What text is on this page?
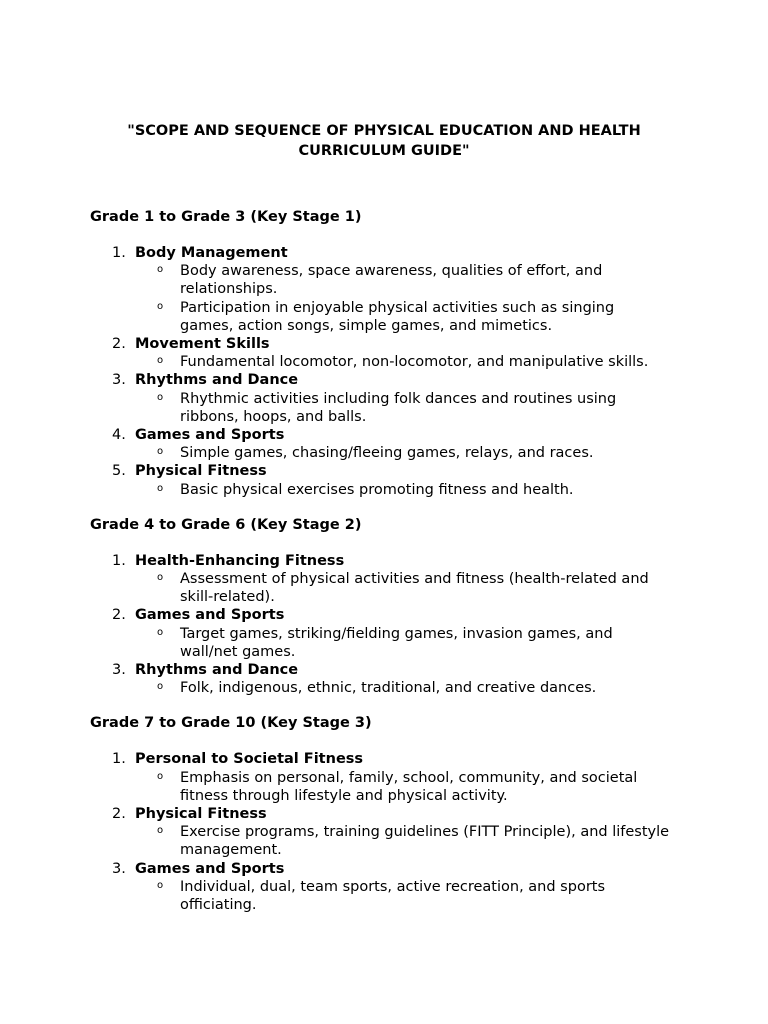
"SCOPE AND SEQUENCE OF PHYSICAL EDUCATION AND HEALTH
CURRICULUM GUIDE"
Grade 1 to Grade 3 (Key Stage 1)
1. Body Management
o Body awareness, space awareness, qualities of effort, and relationships.
o Participation in enjoyable physical activities such as singing games, action songs, simple games, and mimetics.
2. Movement Skills
o Fundamental locomotor, non-locomotor, and manipulative skills.
3. Rhythms and Dance
o Rhythmic activities including folk dances and routines using ribbons, hoops, and balls.
4. Games and Sports
o Simple games, chasing/fleeing games, relays, and races.
5. Physical Fitness
o Basic physical exercises promoting fitness and health.
Grade 4 to Grade 6 (Key Stage 2)
1. Health-Enhancing Fitness
o Assessment of physical activities and fitness (health-related and skill-related).
2. Games and Sports
o Target games, striking/fielding games, invasion games, and wall/net games.
3. Rhythms and Dance
o Folk, indigenous, ethnic, traditional, and creative dances.
Grade 7 to Grade 10 (Key Stage 3)
1. Personal to Societal Fitness
o Emphasis on personal, family, school, community, and societal fitness through lifestyle and physical activity.
2. Physical Fitness
o Exercise programs, training guidelines (FITT Principle), and lifestyle management.
3. Games and Sports
o Individual, dual, team sports, active recreation, and sports officiating.
